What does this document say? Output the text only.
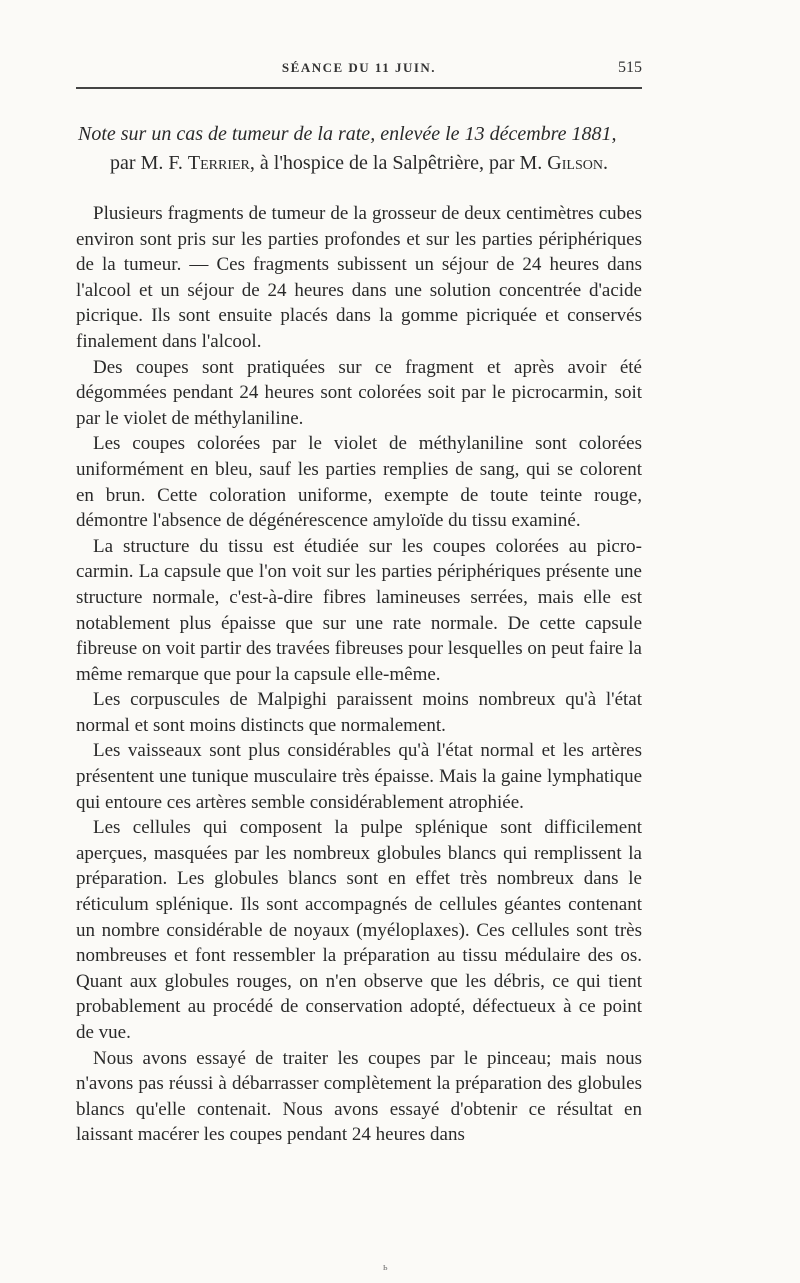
SÉANCE DU 11 JUIN.	515
Note sur un cas de tumeur de la rate, enlevée le 13 décembre 1881,
par M. F. Terrier, à l'hospice de la Salpêtrière, par M. Gilson.

Plusieurs fragments de tumeur de la grosseur de deux centimètres cubes environ sont pris sur les parties profondes et sur les parties périphériques de la tumeur. — Ces fragments subissent un séjour de 24 heures dans l'alcool et un séjour de 24 heures dans une solution concentrée d'acide picrique. Ils sont ensuite placés dans la gomme picriquée et conservés finalement dans l'alcool.

Des coupes sont pratiquées sur ce fragment et après avoir été dégommées pendant 24 heures sont colorées soit par le picrocarmin, soit par le violet de méthylaniline.

Les coupes colorées par le violet de méthylaniline sont colorées uniformément en bleu, sauf les parties remplies de sang, qui se colorent en brun. Cette coloration uniforme, exempte de toute teinte rouge, démontre l'absence de dégénérescence amyloïde du tissu examiné.

La structure du tissu est étudiée sur les coupes colorées au picro-carmin. La capsule que l'on voit sur les parties périphériques présente une structure normale, c'est-à-dire fibres lamineuses serrées, mais elle est notablement plus épaisse que sur une rate normale. De cette capsule fibreuse on voit partir des travées fibreuses pour lesquelles on peut faire la même remarque que pour la capsule elle-même.

Les corpuscules de Malpighi paraissent moins nombreux qu'à l'état normal et sont moins distincts que normalement.

Les vaisseaux sont plus considérables qu'à l'état normal et les artères présentent une tunique musculaire très épaisse. Mais la gaine lymphatique qui entoure ces artères semble considérablement atrophiée.

Les cellules qui composent la pulpe splénique sont difficilement aperçues, masquées par les nombreux globules blancs qui remplissent la préparation. Les globules blancs sont en effet très nombreux dans le réticulum splénique. Ils sont accompagnés de cellules géantes contenant un nombre considérable de noyaux (myéloplaxes). Ces cellules sont très nombreuses et font ressembler la préparation au tissu médulaire des os. Quant aux globules rouges, on n'en observe que les débris, ce qui tient probablement au procédé de conservation adopté, défectueux à ce point de vue.

Nous avons essayé de traiter les coupes par le pinceau; mais nous n'avons pas réussi à débarrasser complètement la préparation des globules blancs qu'elle contenait. Nous avons essayé d'obtenir ce résultat en laissant macérer les coupes pendant 24 heures dans

ь
